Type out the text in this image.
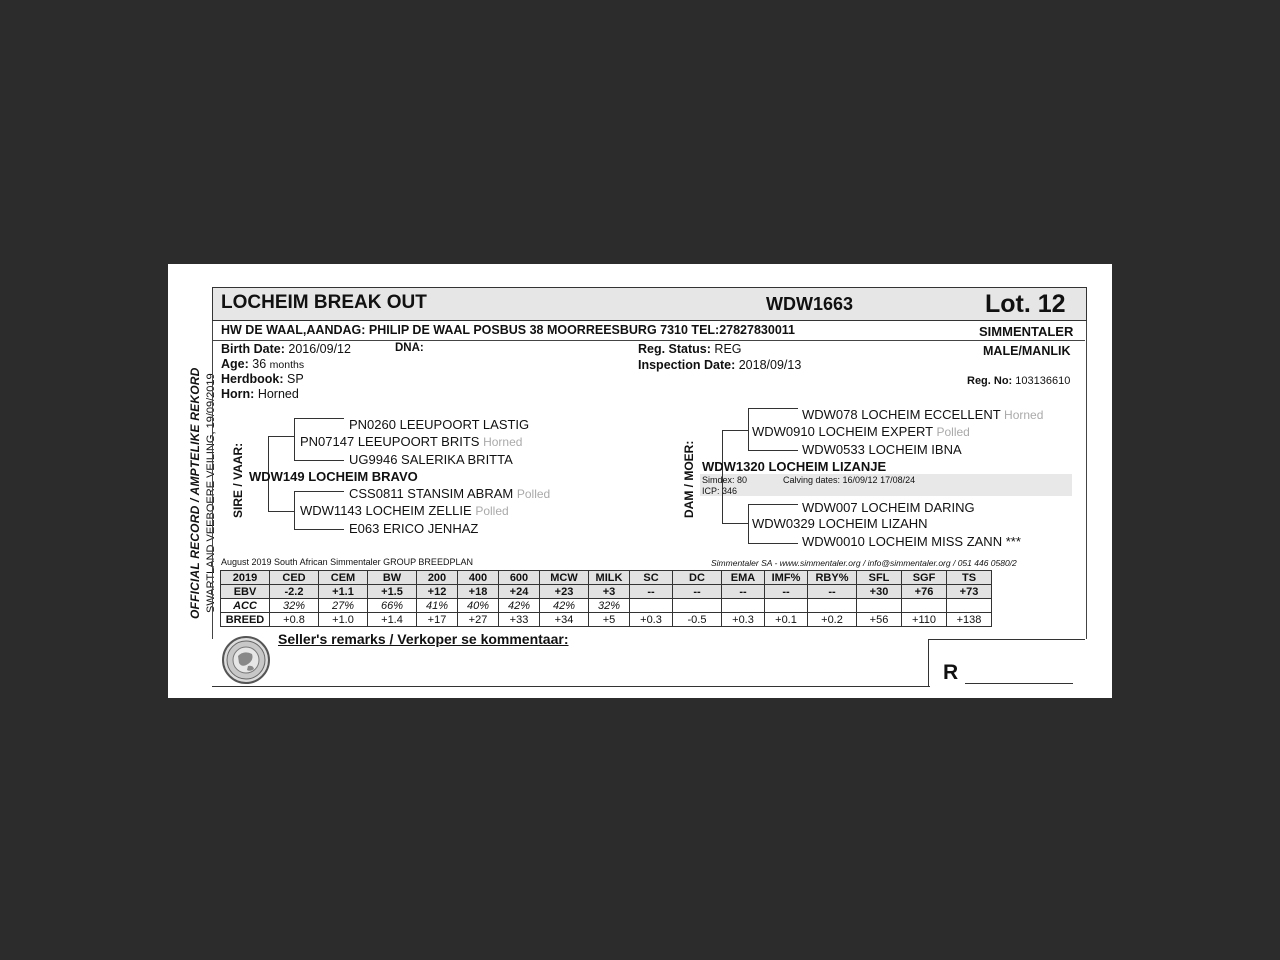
OFFICIAL RECORD / AMPTELIKE REKORD SWARTLAND VEEBOERE VEILING, 19/09/2019
LOCHEIM BREAK OUT	WDW1663	Lot. 12
HW DE WAAL,AANDAG: PHILIP DE WAAL POSBUS 38 MOORREESBURG 7310 TEL:27827830011	SIMMENTALER
Birth Date: 2016/09/12	DNA:
Age: 36 months
Herdbook: SP
Horn: Horned
Reg. Status: REG
Inspection Date: 2018/09/13
MALE/MANLIK
Reg. No: 103136610
SIRE / VAAR:
PN0260 LEEUPOORT LASTIG
PN07147 LEEUPOORT BRITS Horned
UG9946 SALERIKA BRITTA
WDW149 LOCHEIM BRAVO
CSS0811 STANSIM ABRAM Polled
WDW1143 LOCHEIM ZELLIE Polled
E063 ERICO JENHAZ
DAM / MOER:
WDW078 LOCHEIM ECCELLENT Horned
WDW0910 LOCHEIM EXPERT Polled
WDW0533 LOCHEIM IBNA
WDW1320 LOCHEIM LIZANJE
Simdex: 80	Calving dates: 16/09/12 17/08/24
ICP: 346
WDW007 LOCHEIM DARING
WDW0329 LOCHEIM LIZAHN
WDW0010 LOCHEIM MISS ZANN ***
August 2019 South African Simmentaler GROUP BREEDPLAN	Simmentaler SA - www.simmentaler.org / info@simmentaler.org / 051 446 0580/2
2019	CED	CEM	BW	200	400	600	MCW	MILK	SC	DC	EMA	IMF%	RBY%	SFL	SGF	TS
EBV	-2.2	+1.1	+1.5	+12	+18	+24	+23	+3	--	--	--	--	--	+30	+76	+73
ACC	32%	27%	66%	41%	40%	42%	42%	32%								
BREED	+0.8	+1.0	+1.4	+17	+27	+33	+34	+5	+0.3	-0.5	+0.3	+0.1	+0.2	+56	+110	+138
Seller's remarks / Verkoper se kommentaar:
R
